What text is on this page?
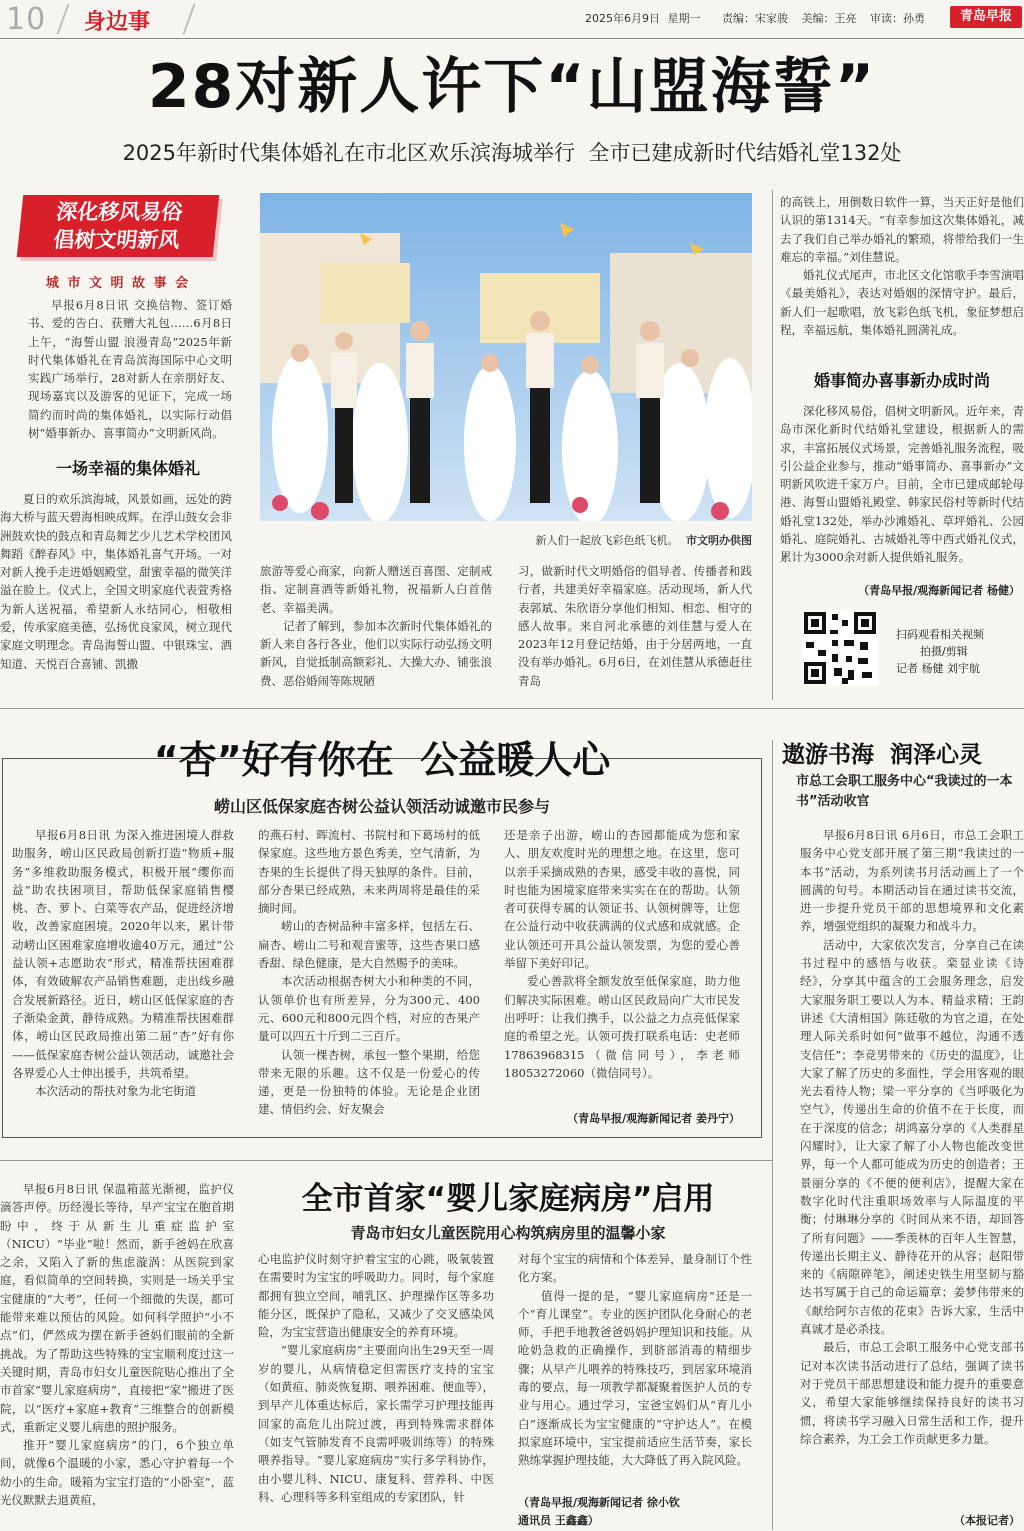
10 身边事	2025年6月9日 星期一 责编：宋家骏 美编：王亮 审读：孙勇	青岛早报
28对新人许下“山盟海誓”
2025年新时代集体婚礼在市北区欢乐滨海城举行  全市已建成新时代结婚礼堂132处
深化移风易俗
倡树文明新风
城 市 文 明 故 事 会

早报6月8日讯 交换信物、签订婚书、爱的告白、获赠大礼包……6月8日上午，“海誓山盟 浪漫青岛”2025年新时代集体婚礼在青岛滨海国际中心文明实践广场举行，28对新人在亲朋好友、现场嘉宾以及游客的见证下，完成一场简约而时尚的集体婚礼，以实际行动倡树“婚事新办、喜事简办”文明新风尚。

一场幸福的集体婚礼

夏日的欢乐滨海城，风景如画，远处的跨海大桥与蓝天碧海相映成辉。在浮山鼓女会非洲鼓欢快的鼓点和青岛舞艺少儿艺术学校团风舞蹈《醉春风》中，集体婚礼喜气开场。一对对新人挽手走进婚姻殿堂，甜蜜幸福的微笑洋溢在脸上。仪式上，全国文明家庭代表萱秀格为新人送祝福，希望新人永结同心，相敬相爱，传承家庭美德，弘扬优良家风，树立现代家庭文明理念。青岛海誓山盟、中银珠宝、酒知道、天悦百合喜铺、凯撒

新人们一起放飞彩色纸飞机。 市文明办供图

旅游等爱心商家，向新人赠送百喜图、定制戒指、定制喜酒等新婚礼物，祝福新人白首偕老、幸福美满。

记者了解到，参加本次新时代集体婚礼的新人来自各行各业，他们以实际行动弘扬文明新风，自觉抵制高额彩礼、大操大办、铺张浪费、恶俗婚闹等陈规陋

习，做新时代文明婚俗的倡导者、传播者和践行者，共建美好幸福家庭。活动现场，新人代表郭斌、朱欣语分享他们相知、相恋、相守的感人故事。来自河北承德的刘佳慧与爱人在2023年12月登记结婚，由于分居两地，一直没有举办婚礼。6月6日，在刘佳慧从承德赶往青岛

的高铁上，用倒数日软件一算，当天正好是他们认识的第1314天。“有幸参加这次集体婚礼，减去了我们自己举办婚礼的繁琐，将带给我们一生难忘的幸福。”刘佳慧说。

婚礼仪式尾声，市北区文化馆歌手李雪演唱《最美婚礼》，表达对婚姻的深情守护。最后，新人们一起歌唱，放飞彩色纸飞机，象征梦想启程，幸福远航，集体婚礼圆满礼成。

婚事简办喜事新办成时尚

深化移风易俗，倡树文明新风。近年来，青岛市深化新时代结婚礼堂建设，根据新人的需求，丰富拓展仪式场景，完善婚礼服务流程，吸引公益企业参与，推动“婚事简办、喜事新办”文明新风吹进千家万户。目前，全市已建成邮轮母港、海誓山盟婚礼殿堂、韩家民俗村等新时代结婚礼堂132处，举办沙滩婚礼、草坪婚礼、公园婚礼、庭院婚礼、古城婚礼等中西式婚礼仪式，累计为3000余对新人提供婚礼服务。

（青岛早报/观海新闻记者 杨健）
扫码观看相关视频
拍摄/剪辑
记者 杨健 刘宇航
“杏”好有你在  公益暖人心
崂山区低保家庭杏树公益认领活动诚邀市民参与

早报6月8日讯 为深入推进困境人群救助服务，崂山区民政局创新打造“物质+服务”多维救助服务模式，积极开展“缨你而益”助农扶困项目，帮助低保家庭销售樱桃、杏、萝卜、白菜等农产品，促进经济增收，改善家庭困境。2020年以来，累计带动崂山区困难家庭增收逾40万元，通过“公益认领+志愿助农”形式，精准帮扶困难群体，有效破解农产品销售难题，走出线乡融合发展新路径。近日，崂山区低保家庭的杏子渐染金黄，静待成熟。为精准帮扶困难群体，崂山区民政局推出第二届“杏”好有你——低保家庭杏树公益认领活动，诚邀社会各界爱心人士伸出援手，共筑希望。

本次活动的帮扶对象为北宅街道

的燕石村、晖流村、书院村和下葛场村的低保家庭。这些地方景色秀美，空气清新，为杏果的生长提供了得天独厚的条件。目前，部分杏果已经成熟，未来两周将是最佳的采摘时间。

崂山的杏树品种丰富多样，包括左石、扁杏、崂山二号和观音蜜等，这些杏果口感香甜、绿色健康，是大自然赐予的美味。

本次活动根据杏树大小和种类的不同，认领单价也有所差异，分为300元、400元、600元和800元四个档，对应的杏果产量可以四五十斤到二三百斤。

认领一棵杏树，承包一整个果期，给您带来无限的乐趣。这不仅是一份爱心的传递，更是一份独特的体验。无论是企业团建、情侣约会、好友聚会

还是亲子出游，崂山的杏园都能成为您和家人、朋友欢度时光的理想之地。在这里，您可以亲手采摘成熟的杏果，感受丰收的喜悦，同时也能为困境家庭带来实实在在的帮助。认领者可获得专属的认领证书、认领树牌等，让您在公益行动中收获满满的仪式感和成就感。企业认领还可开具公益认领发票，为您的爱心善举留下美好印记。

爱心善款将全额发放至低保家庭，助力他们解决实际困难。崂山区民政局向广大市民发出呼吁：让我们携手，以公益之力点亮低保家庭的希望之光。认领可拨打联系电话：史老师 17863968315（微信同号），李老师 18053272060（微信同号）。

（青岛早报/观海新闻记者 姜丹宁）
全市首家“婴儿家庭病房”启用
青岛市妇女儿童医院用心构筑病房里的温馨小家

早报6月8日讯 保温箱蓝光渐褪，监护仪滴答声停。历经漫长等待，早产宝宝在胞首期盼中，终于从新生儿重症监护室（NICU）“毕业”啦！然而，新手爸妈在欣喜之余，又陷入了新的焦虑漩涡：从医院到家庭，看似简单的空间转换，实则是一场关乎宝宝健康的“大考”，任何一个细微的失误，都可能带来难以预估的风险。如何科学照护“小不点”们，俨然成为摆在新手爸妈们眼前的全新挑战。为了帮助这些特殊的宝宝顺利度过这一关键时期，青岛市妇女儿童医院贴心推出了全市首家“婴儿家庭病房”，直接把“家”搬进了医院，以“医疗+家庭+教育”三维整合的创新模式，重新定义婴儿病患的照护服务。

推开“婴儿家庭病房”的门，6个独立单间，就像6个温暖的小家，悉心守护着每一个幼小的生命。暖箱为宝宝打造的“小卧室”，蓝光仪默默去退黄疸，

心电监护仪时刻守护着宝宝的心跳，吸氧装置在需要时为宝宝的呼吸助力。同时，每个家庭都拥有独立空间，哺乳区、护理操作区等多功能分区，既保护了隐私，又减少了交叉感染风险，为宝宝营造出健康安全的养育环境。

“婴儿家庭病房”主要面向出生29天至一周岁的婴儿，从病情稳定但需医疗支持的宝宝（如黄疸、肺炎恢复期、喂养困难、便血等），到早产儿体重达标后，家长需学习护理技能再回家的高危儿出院过渡，再到特殊需求群体（如支气管肺发育不良需呼吸训练等）的特殊喂养指导。“婴儿家庭病房”实行多学科协作，由小婴儿科、NICU、康复科、营养科、中医科、心理科等多科室组成的专家团队，针

对每个宝宝的病情和个体差异，量身制订个性化方案。

值得一提的是，“婴儿家庭病房”还是一个“育儿课堂”。专业的医护团队化身耐心的老师，手把手地教爸爸妈妈护理知识和技能。从呛奶急救的正确操作，到脐部消毒的精细步骤；从早产儿喂养的特殊技巧，到居家环境消毒的要点，每一项教学都凝聚着医护人员的专业与用心。通过学习，宝爸宝妈们从“育儿小白”逐渐成长为宝宝健康的“守护达人”。在模拟家庭环境中，宝宝提前适应生活节奏，家长熟练掌握护理技能，大大降低了再入院风险。

（青岛早报/观海新闻记者 徐小钦
通讯员 王鑫鑫）
遨游书海  润泽心灵
市总工会职工服务中心“我读过的一本书”活动收官

早报6月8日讯 6月6日，市总工会职工服务中心党支部开展了第三期“我读过的一本书”活动，为系列读书月活动画上了一个圆满的句号。本期活动旨在通过读书交流，进一步提升党员干部的思想境界和文化素养，增强党组织的凝聚力和战斗力。

活动中，大家依次发言，分享自己在读书过程中的感悟与收获。栾显业读《诗经》，分享其中蕴含的工会服务理念，启发大家服务职工要以人为本、精益求精；王韵讲述《大清相国》陈廷敬的为官之道，在处理人际关系时如何“做事不越位，沟通不透支信任”；李竞男带来的《历史的温度》，让大家了解了历史的多面性，学会用客观的眼光去看待人物；梁一平分享的《当呼吸化为空气》，传递出生命的价值不在于长度，而在于深度的信念；胡鸿嘉分享的《人类群星闪耀时》，让大家了解了小人物也能改变世界，每一个人都可能成为历史的创造者；王景丽分享的《不便的便利店》，提醒大家在数字化时代注重职场效率与人际温度的平衡；付琳琳分享的《时间从来不语，却回答了所有问题》——季羡林的百年人生智慧，传递出长期主义、静待花开的从容；赵阳带来的《病隙碎笔》，阐述史铁生用坚韧与豁达书写属于自己的命运篇章；姜梦伟带来的《献给阿尔吉侬的花束》告诉大家，生活中真诚才是必杀技。

最后，市总工会职工服务中心党支部书记对本次读书活动进行了总结，强调了读书对于党员干部思想建设和能力提升的重要意义，希望大家能够继续保持良好的读书习惯，将读书学习融入日常生活和工作，提升综合素养，为工会工作贡献更多力量。

（本报记者）
